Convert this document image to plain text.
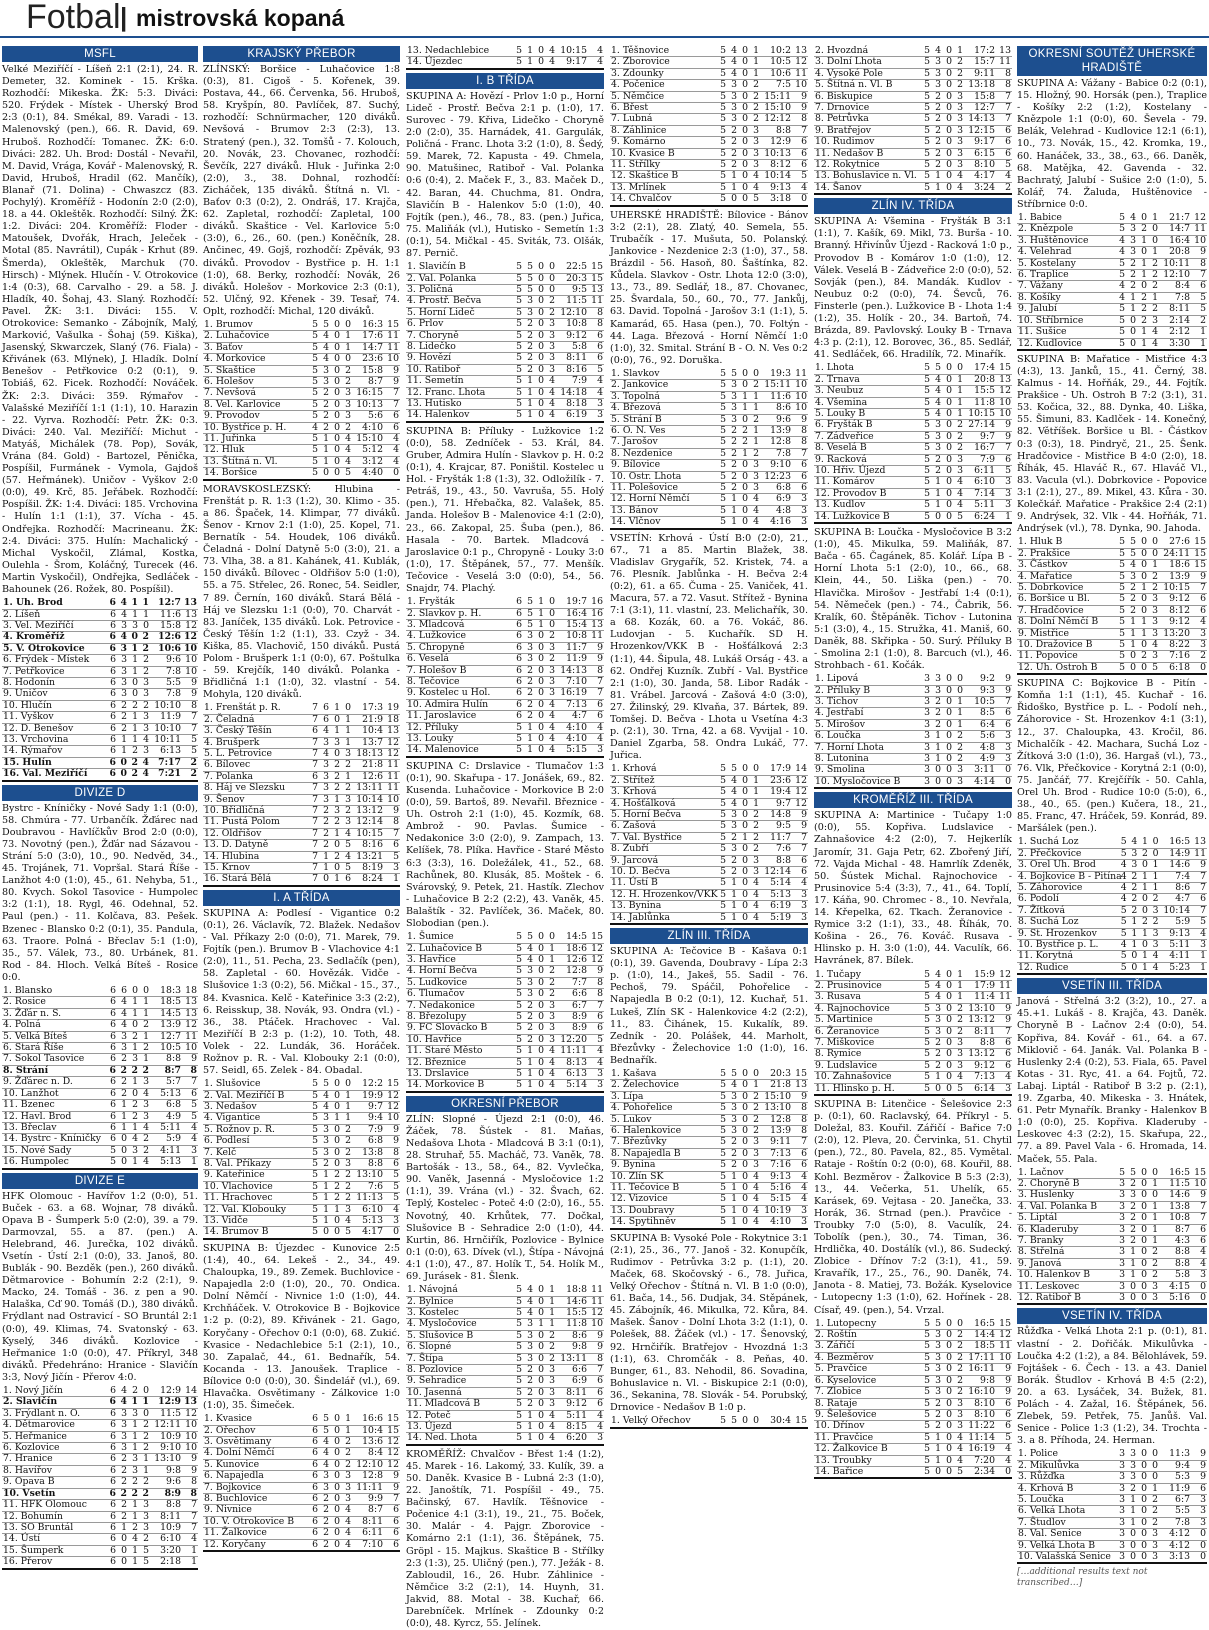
Fotbal | mistrovská kopaná
MSFL

Velké Meziříčí - Líšeň 2:1 (2:1), 24. R. Demeter, 32. Kominek - 15. Krška. Rozhodčí: Mikeska. ŽK: 5:3. Diváci: 520. Frýdek - Místek - Uherský Brod 2:3 (0:1), 84. Smékal, 89. Varadi - 13. Malenovský (pen.), 66. R. David, 69. Hruboš. Rozhodčí: Tomanec. ŽK: 6:0. Diváci: 282. Uh. Brod: Dostál - Nevařil, M. David, Vrága, Kovář - Malenovský, R. David, Hruboš, Hradil (62. Mančík), Blanař (71. Dolina) - Chwaszcz (83. Pochylý). Kroměříž - Hodonín 2:0 (2:0), 18. a 44. Okleštěk. Rozhodčí: Silný. ŽK: 1:2. Diváci: 204. Kroměříž: Floder - Matoušek, Dvořák, Hrach, Jeleček - Motal (85. Navrátil), Cupák - Krhut (89. Šmerda), Okleštěk, Marchuk (70. Hirsch) - Mlýnek. Hlučín - V. Otrokovice 1:4 (0:3), 68. Carvalho - 29. a 58. J. Hladík, 40. Šohaj, 43. Slaný. Rozhodčí: Pavel. ŽK: 3:1. Diváci: 155. V. Otrokovice: Semanko - Zábojník, Malý, Marković, Vašulka - Šohaj (59. Kiška), Jasenský, Skwarczek, Slaný (76. Fiala) - Křivánek (63. Mlýnek), J. Hladík. Dolní Benešov - Petřkovice 0:2 (0:1), 9. Tobiáš, 62. Ficek. Rozhodčí: Nováček. ŽK: 2:3. Diváci: 359. Rýmařov - Valašské Meziříčí 1:1 (1:1), 10. Harazin - 22. Vyrva. Rozhodčí: Petr. ŽK: 0:3. Diváci: 240. Val. Meziříčí: Michut - Matyáš, Michálek (78. Pop), Sovák, Vrána (84. Gold) - Bartozel, Pěnička, Pospíšil, Furmánek - Vymola, Gajdoš (57. Heřmánek). Uničov - Vyškov 2:0 (0:0), 49. Krč, 85. Jeřábek. Rozhodčí: Pospíšil. ŽK: 1:4. Diváci: 185. Vrchovina - Hulín 1:1 (1:1), 37. Vícha - 45. Ondřejka. Rozhodčí: Macrineanu. ŽK: 2:4. Diváci: 375. Hulín: Machalický - Michal Vyskočil, Zlámal, Kostka, Oulehla - Šrom, Koláčný, Turecek (46. Martin Vyskočil), Ondřejka, Sedláček - Bahounek (26. Rožek, 80. Pospíšil).

1. Uh. Brod	6	4	1	1	12:7	13
2. Líšeň	6	4	1	1	11:6	13
3. Vel. Meziříčí	6	3	3	0	15:8	12
4. Kroměříž	6	4	0	2	12:6	12
5. V. Otrokovice	6	3	1	2	10:6	10
6. Frýdek - Místek	6	3	1	2	9:6	10
7. Petřkovice	6	3	1	2	7:8	10
8. Hodonín	6	3	0	3	5:5	9
9. Uničov	6	3	0	3	7:8	9
10. Hlučín	6	2	2	2	10:10	8
11. Vyškov	6	2	1	3	11:9	7
12. D. Benešov	6	2	1	3	10:10	7
13. Vrchovina	6	1	1	4	10:11	5
14. Rýmařov	6	1	2	3	6:13	5
15. Hulín	6	0	2	4	7:17	2
16. Val. Meziříčí	6	0	2	4	7:21	2
DIVIZE D

Bystrc - Kníničky - Nové Sady 1:1 (0:0), 58. Chmúra - 77. Urbančík. Žďárec nad Doubravou - Havlíčkův Brod 2:0 (0:0), 73. Novotný (pen.), Žďár nad Sázavou - Strání 5:0 (3:0), 10., 90. Nedvěd, 34., 45. Trojánek, 71. Vopršal. Stará Říše - Lanžhot 4:0 (1:0), 45., 61. Nehyba, 51., 80. Kvych. Sokol Tasovice - Humpolec 3:2 (1:1), 18. Rygl, 46. Odehnal, 52. Paul (pen.) - 11. Kolčava, 83. Pešek. Bzenec - Blansko 0:2 (0:1), 35. Pandula, 63. Traore. Polná - Břeclav 5:1 (1:0), 35., 57. Válek, 73., 80. Urbánek, 81. Rod - 84. Hloch. Velká Bíteš - Rosice 0:0.

1. Blansko	6	6	0	0	18:3	18
2. Rosice	6	4	1	1	18:5	13
3. Žďár n. S.	6	4	1	1	14:5	13
4. Polná	6	4	0	2	13:9	12
5. Velká Bíteš	6	3	2	1	12:7	11
6. Stará Říše	6	3	1	2	10:5	10
7. Sokol Tasovice	6	2	3	1	8:8	9
8. Strání	6	2	2	2	8:7	8
9. Žďárec n. D.	6	2	1	3	5:7	7
10. Lanžhot	6	2	0	4	5:13	6
11. Bzenec	6	1	2	3	6:8	5
12. Havl. Brod	6	1	2	3	4:9	5
13. Břeclav	6	1	1	4	5:11	4
14. Bystrc - Kníničky	6	0	4	2	5:9	4
15. Nové Sady	5	0	3	2	4:11	3
16. Humpolec	5	0	1	4	5:13	1
DIVIZE E

HFK Olomouc - Havířov 1:2 (0:0), 51. Buček - 63. a 68. Wojnar, 78 diváků. Opava B - Šumperk 5:0 (2:0), 39. a 79. Darmovzal, 55. a 87. (pen.) A. Helebrand, 46. Jurečka, 102 diváků. Vsetín - Ústí 2:1 (0:0), 33. Janoš, 80. Bublák - 90. Bezděk (pen.), 260 diváků. Dětmarovice - Bohumín 2:2 (2:1), 9. Macko, 24. Tomáš - 36. z pen a 90. Halaška, Cď 90. Tomáš (D.), 380 diváků. Frýdlant nad Ostravicí - SO Bruntál 2:1 (0:0), 49. Klimas, 74. Svatonský - 63. Kyselý, 346 diváků. Kozlovice - Heřmanice 1:0 (0:0), 47. Příkryl, 348 diváků. Předehráno: Hranice - Slavičín 3:3, Nový Jičín - Přerov 4:0.

1. Nový Jičín	6	4	2	0	12:9	14
2. Slavičín	6	4	1	1	12:9	13
3. Frýdlant n. O.	6	3	3	0	11:5	12
4. Dětmarovice	6	3	1	2	12:11	10
5. Heřmanice	6	3	1	2	10:9	10
6. Kozlovice	6	3	1	2	9:10	10
7. Hranice	6	2	3	1	13:10	9
8. Havířov	6	2	3	1	9:8	9
9. Opava B	6	2	2	2	9:6	8
10. Vsetín	6	2	2	2	8:9	8
11. HFK Olomouc	6	2	1	3	8:8	7
12. Bohumín	6	2	1	3	8:11	7
13. SO Bruntál	6	1	2	3	10:9	7
14. Ústí	6	0	4	2	6:10	4
15. Šumperk	6	0	1	5	3:20	1
16. Přerov	6	0	1	5	2:18	1
KRAJSKÝ PŘEBOR

ZLÍNSKÝ: Boršice - Luhačovice 1:8 (0:3), 81. Cigoš - 5. Kořenek, 39. Postava, 44., 66. Červenka, 56. Hruboš, 58. Kryšpín, 80. Pavlíček, 87. Suchý, rozhodčí: Schnürmacher, 120 diváků. Nevšová - Brumov 2:3 (2:3), 13. Stratený (pen.), 32. Tomšů - 7. Kolouch, 20. Novák, 23. Chovanec, rozhodčí: Ševčík, 227 diváků. Hluk - Juřinka 2:0 (2:0), 3., 38. Dohnal, rozhodčí: Zicháček, 135 diváků. Štítná n. Vl. - Baťov 0:3 (0:2), 2. Ondráš, 17. Krajča, 62. Zapletal, rozhodčí: Zapletal, 100 diváků. Skaštice - Vel. Karlovice 5:0 (3:0), 6., 26., 60. (pen.) Koněčník, 28. Ančinec, 49. Gojš, rozhodčí: Zpěvák, 93 diváků. Provodov - Bystřice p. H. 1:1 (1:0), 68. Berky, rozhodčí: Novák, 26 diváků. Holešov - Morkovice 2:3 (0:1), 52. Ulčný, 92. Křenek - 39. Tesař, 74. Oplt, rozhodčí: Michal, 120 diváků.

1. Brumov	5	5	0	0	16:3	15
2. Luhačovice	5	4	0	1	17:6	11
3. Baťov	5	4	0	1	14:7	11
4. Morkovice	5	4	0	0	23:6	10
5. Skaštice	5	3	0	2	15:8	9
6. Holešov	5	3	0	2	8:7	9
7. Nevšová	5	2	0	3	16:15	7
8. Vel. Karlovice	5	2	0	3	10:13	7
9. Provodov	5	2	0	3	5:6	6
10. Bystřice p. H.	4	2	0	2	4:10	6
11. Juřinka	5	1	0	4	15:10	4
12. Hluk	5	1	0	4	5:12	4
13. Štítná n. Vl.	5	1	0	4	3:12	4
14. Boršice	5	0	0	5	4:40	0

MORAVSKOSLEZSKÝ: Hlubina - Frenštát p. R. 1:3 (1:2), 30. Klimo - 35. a 86. Špaček, 14. Klimpar, 77 diváků. Šenov - Krnov 2:1 (1:0), 25. Kopel, 71. Bernatík - 54. Houdek, 106 diváků. Čeladná - Dolní Datyně 5:0 (3:0), 21. a 73. Vlha, 38. a 81. Kahánek, 41. Kublák, 150 diváků. Bílovec - Oldřišov 5:0 (1:0), 55. a 75. Střelec, 26. Ronec, 54. Seidler, 7 89. Černín, 160 diváků. Stará Bělá - Háj ve Slezsku 1:1 (0:0), 70. Charvát - 83. Janíček, 135 diváků. Lok. Petrovice - Český Těšín 1:2 (1:1), 33. Czyž - 34. Kiška, 85. Vlachovič, 150 diváků. Pustá Polom - Brušperk 1:1 (0:0), 67. Poštulka - 59. Krejčík, 140 diváků. Polanka - Břidličná 1:1 (1:0), 32. vlastní - 54. Mohyla, 120 diváků.

1. Frenštát p. R.	7	6	1	0	17:3	19
2. Čeladná	7	6	0	1	21:9	18
3. Český Těšín	6	4	1	1	10:4	13
4. Brušperk	7	3	3	1	13:7	12
5. L. Petrovice	7	4	0	3	18:13	12
6. Bílovec	7	3	2	2	21:8	11
7. Polanka	6	3	2	1	12:6	11
8. Háj ve Slezsku	7	3	2	2	13:11	11
9. Šenov	7	3	1	3	10:14	10
10. Břidličná	7	2	3	2	13:12	9
11. Pustá Polom	7	2	2	3	12:14	8
12. Oldřišov	7	2	1	4	10:15	7
13. D. Datyně	7	2	0	5	8:16	6
14. Hlubina	7	1	2	4	13:21	5
15. Krnov	7	1	0	5	8:19	3
16. Stará Bělá	7	0	1	6	8:24	1
I. A TŘÍDA

SKUPINA A: Podlesí - Vigantice 0:2 (0:1), 26. Václavík, 72. Blažek. Nedašov - Val. Příkazy 2:0 (0:0), 71. Marek, 79. Fojtík (pen.). Brumov B - Vlachovice 4:1 (2:0), 11., 51. Pecha, 23. Sedlačík (pen), 58. Zapletal - 60. Hovězák. Vidče - Slušovice 1:3 (0:2), 56. Mičkal - 15., 37., 84. Kvasnica. Kelč - Kateřinice 3:3 (2:2), 6. Reisskup, 38. Novák, 93. Ondra (vl.) - 36., 38. Ptáček. Hrachovec - Val. Meziříčí B 2:3 p. (1:2), 10. Toth, 48. Volek - 22. Lundák, 36. Horáček. Rožnov p. R. - Val. Klobouky 2:1 (0:0), 57. Seidl, 65. Zelek - 84. Obadal.

1. Slušovice	5	5	0	0	12:2	15
2. Val. Meziříčí B	5	4	0	1	19:9	12
3. Nedašov	5	4	0	1	9:7	12
4. Vigantice	5	3	1	1	9:4	10
5. Rožnov p. R.	5	3	0	2	7:9	9
6. Podlesí	5	3	0	2	6:8	9
7. Kelč	5	3	0	2	13:8	8
8. Val. Příkazy	5	2	0	3	8:8	6
9. Kateřinice	5	1	2	2	13:10	5
10. Vlachovice	5	1	2	2	7:6	5
11. Hrachovec	5	1	2	2	11:13	5
12. Val. Klobouky	5	1	1	3	6:10	4
13. Vidče	5	1	0	4	5:13	3
14. Brumov B	5	0	0	5	4:17	0

SKUPINA B: Újezdec - Kunovice 2:5 (1:4), 40., 64. Lekeš - 2., 34., 49. Chaloupka, 19., 89. Zemek. Buchlovice - Napajedla 2:0 (1:0), 20., 70. Ondica. Dolní Němčí - Nivnice 1:0 (1:0), 44. Krchňáček. V. Otrokovice B - Bojkovice 1:2 p. (0:2), 89. Křivánek - 21. Gago, Koryčany - Ořechov 0:1 (0:0), 68. Zukić. Kvasice - Nedachlebice 5:1 (2:1), 10., 30. Zapalač, 44., 61. Bednařík, 54. Kocanda - 13. Janoušek. Traplice - Bílovice 0:0 (0:0), 30. Šindelář (vl.), 69. Hlavačka. Osvětimany - Zálkovice 1:0 (1:0), 35. Šimeček.

1. Kvasice	6	5	0	1	16:6	15
2. Ořechov	6	5	0	1	10:4	15
3. Osvětimany	6	4	0	2	13:6	12
4. Dolní Němčí	6	4	0	2	8:4	12
5. Kunovice	6	4	0	2	12:10	12
6. Napajedla	6	3	0	3	12:8	9
7. Bojkovice	6	3	0	3	11:11	9
8. Buchlovice	6	2	0	3	9:9	7
9. Nivnice	6	2	0	4	8:7	6
10. V. Otrokovice B	6	2	0	4	8:11	6
11. Žalkovice	6	2	0	4	6:11	6
12. Koryčany	6	2	0	4	7:10	6
13. Nedachlebice	5	1	0	4	10:15	4
14. Újezdec	5	1	0	4	9:17	4
I. B TŘÍDA

SKUPINA A: Hovězí - Prlov 1:0 p., Horní Lideč - Prostř. Bečva 2:1 p. (1:0), 17. Surovec - 79. Křiva, Lidečko - Choryně 2:0 (2:0), 35. Harnádek, 41. Gargulák, Poličná - Franc. Lhota 3:2 (1:0), 8. Šedý, 59. Marek, 72. Kapusta - 49. Chmela, 90. Matušinec, Ratiboř - Val. Polanka 0:6 (0:4), 2. Maček F., 3., 83. Maček D., 42. Baran, 44. Chuchma, 81. Ondra, Slavičín B - Halenkov 5:0 (1:0), 40. Fojtík (pen.), 46., 78., 83. (pen.) Juřica, 75. Maliňák (vl.), Hutisko - Semetín 1:3 (0:1), 54. Mičkal - 45. Sviták, 73. Olšák, 87. Pernič.

1. Slavičín B	5	5	0	0	22:5	15
2. Val. Polanka	5	5	0	0	20:3	15
3. Poličná	5	5	0	0	9:5	13
4. Prostř. Bečva	5	3	0	2	11:5	11
5. Horní Lideč	5	3	0	2	12:10	8
6. Prlov	5	2	0	3	10:8	8
7. Choryně	5	2	0	3	9:12	6
8. Lidečko	5	2	0	3	5:8	6
9. Hovězí	5	2	0	3	8:11	6
10. Ratiboř	5	2	0	3	8:16	5
11. Semetín	5	1	0	4	7:9	4
12. Franc. Lhota	5	1	0	4	14:18	4
13. Hutisko	5	1	0	4	8:18	3
14. Halenkov	5	1	0	4	6:19	3

SKUPINA B: Příluky - Lužkovice 1:2 (0:0), 58. Zedníček - 53. Král, 84. Gruber, Admira Hulín - Slavkov p. H. 0:2 (0:1), 4. Krajcar, 87. Poništil. Kostelec u Hol. - Fryšták 1:8 (1:3), 32. Odložilík - 7. Petráš, 19., 43., 50. Vavruša, 55. Holý (pen.), 71. Hřebačka, 82. Valašek, 85. Janda. Holešov B - Malenovice 4:1 (2:0), 23., 66. Zakopal, 25. Šuba (pen.), 86. Hasala - 70. Bartek. Mladcová - Jaroslavice 0:1 p., Chropyně - Louky 3:0 (1:0), 17. Štěpánek, 57., 77. Menšík. Tečovice - Veselá 3:0 (0:0), 54., 56. Snajdr, 74. Plachý.

1. Fryšták	6	5	1	0	19:7	16
2. Slavkov p. H.	6	5	1	0	16:4	16
3. Mladcová	6	5	1	0	15:4	13
4. Lužkovice	6	3	0	2	10:8	11
5. Chropyně	6	3	0	3	11:7	9
6. Veselá	6	3	0	2	11:9	9
7. Holešov B	6	2	0	3	14:13	8
8. Tečovice	6	2	0	3	7:10	7
9. Kostelec u Hol.	6	2	0	3	16:19	7
10. Admira Hulín	6	2	0	4	7:13	6
11. Jaroslavice	6	2	0	4	4:7	6
12. Příluky	5	1	0	4	4:10	4
13. Louky	5	1	0	4	4:10	4
14. Malenovice	5	1	0	4	5:15	3

SKUPINA C: Drslavice - Tlumačov 1:3 (0:1), 90. Skařupa - 17. Jonášek, 69., 82. Kusenda. Luhačovice - Morkovice B 2:0 (0:0), 59. Bartoš, 89. Nevařil. Březnice - Uh. Ostroh 2:1 (1:0), 45. Kozmík, 68. Ambrož - 90. Pavlas. Šumice - Nedakonice 3:0 (2:0), 9. Zampach, 13. Kelíšek, 78. Plíka. Havřice - Staré Město 6:3 (3:3), 16. Doležálek, 41., 52., 68. Rachůnek, 80. Klusák, 85. Moštek - 6. Svárovský, 9. Petek, 21. Hastík. Zlechov - Luhačovice B 2:2 (2:2), 43. Vaněk, 45. Balaštík - 32. Pavlíček, 36. Maček, 80. Slobodian (pen.).

1. Šumice	5	5	0	0	14:5	15
2. Luhačovice B	5	4	0	1	18:6	12
3. Havřice	5	4	0	1	12:6	12
4. Horní Bečva	5	3	0	2	12:8	9
5. Ludkovice	5	3	0	2	7:7	8
6. Tlumačov	5	3	0	2	6:6	8
7. Nedakonice	5	2	0	3	6:7	7
8. Březolupy	5	2	0	3	8:9	6
9. FC Slovácko B	5	2	0	3	8:9	6
10. Havřice	5	2	0	3	12:20	5
11. Staré Město	5	1	0	4	11:11	4
12. Březnice	5	1	0	4	8:13	4
13. Drslavice	5	1	0	4	6:13	3
14. Morkovice B	5	1	0	4	5:14	3
OKRESNÍ PŘEBOR

ZLÍN: Slopné - Újezd 2:1 (0:0), 46. Žáček, 78. Šústek - 81. Maňas, Nedašova Lhota - Mladcová B 3:1 (0:1), 28. Struhař, 55. Macháč, 73. Vaněk, 78. Bartošák - 13., 58., 64., 82. Vyvlečka, 90. Vaněk, Jasenná - Mysločovice 1:2 (1:1), 39. Vrána (vl.) - 32. Švach, 62. Teplý, Kostelec - Poteč 4:0 (2:0), 16., 55. Novotný, 40. Krhůtek, 77. Dočkal, Slušovice B - Sehradice 2:0 (1:0), 44. Kurtin, 86. Hrnčiřík, Pozlovice - Bylnice 0:1 (0:0), 63. Dívek (vl.), Štípa - Návojná 4:1 (1:0), 47., 87. Holík T., 54. Holík M., 69. Jurásek - 81. Šlenk.

1. Návojná	5	4	0	1	18:8	11
2. Bylnice	5	4	0	1	14:6	11
3. Kostelec	5	4	0	1	15:5	12
4. Mysločovice	5	3	1	1	11:8	10
5. Slušovice B	5	3	0	2	8:6	9
6. Slopné	5	3	0	2	9:8	9
7. Štípa	5	3	0	2	13:11	8
8. Pozlovice	5	2	0	3	6:6	7
9. Sehradice	5	2	0	3	6:9	6
10. Jasenná	5	2	0	3	8:11	6
11. Mladcová B	5	2	0	3	9:12	6
12. Poteč	5	1	0	4	5:11	4
13. Újezd	5	1	0	4	8:15	4
14. Ned. Lhota	5	1	0	4	6:20	3

KROMĚŘÍŽ: Chvalčov - Břest 1:4 (1:2), 45. Marek - 16. Lakomý, 33. Kulík, 39. a 50. Daněk. Kvasice B - Lubná 2:3 (1:0), 22. Janoštík, 71. Pospíšil - 49., 75. Bačinský, 67. Havlík. Těšnovice - Počenice 4:1 (3:1), 19., 21., 75. Boček, 30. Malár - 4. Pajgr. Zborovice - Komárno 2:1 (1:1), 36. Štěpánek, 75. Gröpl - 15. Majkus. Skaštice B - Střílky 2:3 (1:3), 25. Uličný (pen.), 77. Ježák - 8. Zabloudil, 16., 26. Hubr. Záhlinice - Němčice 3:2 (2:1), 14. Huynh, 31. Jakvid, 88. Motal - 38. Kuchař, 66. Darebníček. Mrlínek - Zdounky 0:2 (0:0), 48. Kyrcz, 55. Jelínek.

1. Těšnovice	5	4	0	1	10:2	13
2. Zborovice	5	4	0	1	10:5	12
3. Zdounky	5	4	0	1	10:6	11
4. Počenice	5	3	0	2	7:5	10
5. Němčice	5	3	0	2	15:11	9
6. Břest	5	3	0	2	15:10	9
7. Lubná	5	3	0	2	12:12	8
8. Záhlinice	5	2	0	3	8:8	7
9. Komárno	5	2	0	3	12:9	6
10. Kvasice B	5	2	0	3	10:13	6
11. Střílky	5	2	0	3	8:12	6
12. Skaštice B	5	1	0	4	10:14	5
13. Mrlínek	5	1	0	4	9:13	4
14. Chvalčov	5	0	0	5	3:18	0

UHERSKÉ HRADIŠTĚ: Bílovice - Bánov 3:2 (2:1), 28. Zlatý, 40. Semela, 55. Trubačík - 17. Mušuta, 50. Polanský. Jankovice - Nezdenice 2:3 (1:0), 37., 58. Brázdil - 56. Hasoň, 80. Šaštínka, 82. Kůdela. Slavkov - Ostr. Lhota 12:0 (3:0), 13., 73., 89. Sedlář, 18., 87. Chovanec, 25. Švardala, 50., 60., 70., 77. Jankůj, 63. David. Topolná - Jarošov 3:1 (1:1), 5. Kamarád, 65. Hasa (pen.), 70. Foltýn - 44. Laga. Březová - Horní Němčí 1:0 (1:0), 32. Smital. Strání B - O. N. Ves 0:2 (0:0), 76., 92. Doruška.

1. Slavkov	5	5	0	0	19:3	11
2. Jankovice	5	3	0	2	15:11	10
3. Topolná	5	3	1	1	11:6	10
4. Březová	5	3	1	1	8:6	10
5. Strání B	5	3	0	2	9:6	9
6. O. N. Ves	5	2	2	1	13:9	8
7. Jarošov	5	2	2	1	12:8	8
8. Nezdenice	5	2	1	2	7:8	7
9. Bílovice	5	2	0	3	9:10	6
10. Ostr. Lhota	5	2	0	3	12:23	6
11. Polešovice	5	2	0	3	6:8	6
12. Horní Němčí	5	1	0	4	6:9	3
13. Bánov	5	1	0	4	4:8	3
14. Vlčnov	5	1	0	4	4:16	3

VSETÍN: Krhová - Ústí B:0 (2:0), 21., 67., 71 a 85. Martin Blažek, 38. Vladislav Grygařík, 52. Kristek, 74. a 76. Plesník. Jablůnka - H. Bečva 2:4 (0:2), 61. a 65. Čuma - 25. Vaniček, 41. Macura, 57. a 72. Vasut. Střítež - Bynina 7:1 (3:1), 11. vlastní, 23. Melichařík, 30. a 68. Kozák, 60. a 76. Vokáč, 86. Ludovjan - 5. Kuchařík. SD H. Hrozenkov/VKK B - Hošťálková 2:3 (1:1), 44. Šipula, 48. Lukáš Orság - 43. a 62. Ondřej Kuzník. Zubří - Val. Bystřice 2:1 (1:0), 30. Janda, 58. Libor Radák - 81. Vrábel. Jarcová - Zašová 4:0 (3:0), 27. Žilinský, 29. Klvaňa, 37. Bártek, 89. Tomšej. D. Bečva - Lhota u Vsetína 4:3 p. (2:1), 30. Trna, 42. a 68. Vyvijal - 10. Daniel Zgarba, 58. Ondra Lukáč, 77. Juřica.

1. Krhová	5	5	0	0	17:9	14
2. Střítež	5	4	0	1	23:6	12
3. Krhová	5	4	0	1	19:4	12
4. Hošťálková	5	4	0	1	9:7	12
5. Horní Bečva	5	3	0	2	14:8	9
6. Zašová	5	3	0	2	9:5	9
7. Val. Bystřice	5	2	1	2	11:7	7
8. Zubří	5	3	0	2	7:6	7
9. Jarcová	5	2	0	3	8:8	6
10. D. Bečva	5	2	0	3	12:14	6
11. Ústí B	5	1	0	4	5:14	4
12. H. Hrozenkov/VKK	5	1	0	4	5:13	3
13. Bynina	5	1	0	4	6:19	3
14. Jablůnka	5	1	0	4	5:19	3
ZLÍN III. TŘÍDA

SKUPINA A: Tečovice B - Kašava 0:1 (0:1), 39. Gavenda, Doubravy - Lípa 2:3 p. (1:0), 14., Jakeš, 55. Sadil - 76. Pechoš, 79. Spáčil, Pohořelice - Napajedla B 0:2 (0:1), 12. Kuchař, 51. Lukeš, Zlín SK - Halenkovice 4:2 (2:2), 11., 83. Čihánek, 15. Kukalík, 89. Zedník - 20. Polášek, 44. Marholt, Březůvky - Želechovice 1:0 (1:0), 16. Bednařík.

1. Kašava	5	5	0	0	20:3	15
2. Želechovice	5	4	0	1	21:8	13
3. Lípa	5	3	0	2	15:10	9
4. Pohořelice	5	3	0	2	13:10	8
5. Lukov	5	3	0	2	12:8	8
6. Halenkovice	5	3	0	2	13:9	8
7. Březůvky	5	2	0	3	9:11	7
8. Napajedla B	5	2	0	3	7:13	6
9. Bynina	5	2	0	3	7:16	6
10. Zlín SK	5	1	0	4	9:13	4
11. Tečovice B	5	1	0	4	5:16	4
12. Vizovice	5	1	0	4	5:15	4
13. Doubravy	5	1	0	4	10:19	3
14. Spytihněv	5	1	0	4	4:10	3

SKUPINA B: Vysoké Pole - Rokytnice 3:1 (2:1), 25., 36., 77. Janoš - 32. Konupčík, Rudimov - Petrůvka 3:2 p. (1:1), 20. Maček, 68. Skočovský - 6., 78. Juřica, Velký Ořechov - Štítná n. Vl. B 1:0 (0:0), 61. Bača, 14., 56. Dudjak, 34. Stěpánek, 45. Zábojník, 46. Mikulka, 72. Kůra, 84. Mašek. Šanov - Dolní Lhota 3:2 (1:1), 0. Polešek, 88. Žáček (vl.) - 17. Šenovský, 92. Hrnčiřík. Bratřejov - Hvozdná 1:3 (1:1), 63. Chromčák - 8. Peňas, 40. Bunger, 61., 83. Nehodil, 86. Sovadina, Bohuslavice n. Vl. - Biskupice 2:1 (0:0), 36., Sekanina, 78. Slovák - 54. Porubský, Drnovice - Nedašov B 1:0 p.

1. Velký Ořechov	5	5	0	0	30:4	15
2. Hvozdná	5	4	0	1	17:2	13
3. Dolní Lhota	5	3	0	2	15:7	11
4. Vysoké Pole	5	3	0	2	9:11	8
5. Štítná n. Vl. B	5	3	0	2	13:18	8
6. Biskupice	5	2	0	3	15:8	7
7. Drnovice	5	2	0	3	12:7	7
8. Petrůvka	5	2	0	3	14:13	7
9. Bratřejov	5	2	0	3	12:15	6
10. Rudimov	5	2	0	3	9:17	6
11. Nedašov B	5	2	0	3	6:15	6
12. Rokytnice	5	2	0	3	8:10	5
13. Bohuslavice n. Vl.	5	1	0	4	4:17	4
14. Šanov	5	1	0	4	3:24	2
ZLÍN IV. TŘÍDA

SKUPINA A: Všemina - Fryšták B 3:1 (1:1), 7. Kašík, 69. Mikl, 73. Burša - 10. Branný. Hřivínův Újezd - Racková 1:0 p., Provodov B - Komárov 1:0 (1:0), 12. Válek. Veselá B - Zádveřice 2:0 (0:0), 52. Sovják (pen.), 84. Mandák. Kudlov - Neubuz 0:2 (0:0), 74. Ševců, 76. Finsterle (pen.). Lužkovice B - Lhota 1:4 (1:2), 35. Holík - 20., 34. Bartoň, 74. Brázda, 89. Pavlovský. Louky B - Trnava 4:3 p. (2:1), 12. Borovec, 36., 85. Sedlář, 41. Sedláček, 66. Hradilík, 72. Minařík.

1. Lhota	5	5	0	0	17:4	15
2. Trnava	5	4	0	1	20:8	13
3. Neubuz	5	4	0	1	15:5	12
4. Všemina	5	4	0	1	11:8	10
5. Louky B	5	4	0	1	10:15	10
6. Fryšták B	5	3	0	2	27:14	9
7. Zádveřice	5	3	0	2	9:7	9
8. Veselá B	5	3	0	2	16:7	7
9. Racková	5	2	0	3	7:9	6
10. Hřiv. Újezd	5	2	0	3	6:11	5
11. Komárov	5	1	0	4	6:10	3
12. Provodov B	5	1	0	4	7:14	3
13. Kudlov	5	1	0	4	5:11	3
14. Lužkovice B	5	0	0	5	6:24	1

SKUPINA B: Loučka - Mysločovice B 3:2 (1:0), 45. Mikulka, 59. Maliňák, 87. Bača - 65. Čagánek, 85. Kolář. Lípa B - Horní Lhota 5:1 (2:0), 10., 66., 68. Klein, 44., 50. Liška (pen.) - 70. Hlavička. Mirošov - Jestřabí 1:4 (0:1), 54. Němeček (pen.) - 74., Čabrik, 56. Kralík, 60. Štěpáněk. Tichov - Lutonina 5:1 (3:0), 4., 15. Stružka, 41. Maniš, 60. Daněk, 88. Skřipka - 50. Surý. Příluky B - Smolina 2:1 (1:0), 8. Barcuch (vl.), 46. Strohbach - 61. Kočák.

1. Lipová	3	3	0	0	9:2	9
2. Příluky B	3	3	0	0	9:3	9
3. Tichov	3	2	0	1	10:5	7
4. Jestřabí	3	2	0	1	8:5	6
5. Mirošov	3	2	0	1	6:4	6
6. Loučka	3	1	0	2	5:6	3
7. Horní Lhota	3	1	0	2	4:8	3
8. Lutonina	3	1	0	2	4:9	3
9. Smolina	3	0	0	3	3:11	0
10. Mysločovice B	3	0	0	3	4:14	0
KROMĚŘÍŽ III. TŘÍDA

SKUPINA A: Martinice - Tučapy 1:0 (0:0), 55. Kopřiva. Ludslavice - Zahnašovice 4:2 (2:0), 7. Hejkerlík Jaromír, 31. Gaja Petr, 62. Zbořený Jiří, 72. Vajda Michal - 48. Hamrlík Zdeněk, 50. Šústek Michal. Rajnochovice - Prusinovice 5:4 (3:3), 7., 41., 64. Toplí, 17. Káňa, 90. Chromec - 8., 10. Nevřala, 14. Křepelka, 62. Tkach. Žeranovice - Rymice 3:2 (1:1), 33., 48. Říhák, 70. Košina - 26., 76. Kováč. Rusava - Hlinsko p. H. 3:0 (1:0), 44. Vaculík, 66. Havránek, 87. Bílek.

1. Tučapy	5	4	0	1	15:9	12
2. Prusinovice	5	4	0	1	17:9	11
3. Rusava	5	4	0	1	11:4	11
4. Rajnochovice	5	3	0	2	13:10	9
5. Martinice	5	3	0	2	13:12	9
6. Žeranovice	5	3	0	2	8:11	7
7. Miškovice	5	2	0	3	8:8	6
8. Rymice	5	2	0	3	13:12	6
9. Ludslavice	5	2	0	3	9:12	6
10. Zahnašovice	5	1	0	4	7:13	4
11. Hlinsko p. H.	5	0	0	5	6:14	3

SKUPINA B: Litenčice - Šelešovice 2:3 p. (0:1), 60. Raclavský, 64. Příkryl - 5. Doležal, 83. Kouřil. Zářičí - Bařice 7:0 (2:0), 12. Pleva, 20. Červinka, 51. Chytil (pen.), 72., 80. Pavela, 82., 85. Vymětal. Rataje - Roštín 0:2 (0:0), 68. Kouřil, 88. Kohl. Bezměrov - Žalkovice B 5:3 (2:3), 13., 44. Večerka, 51. Uhelík, 65. Karásek, 69. Vejtasa - 20. Janečka, 33. Horák, 36. Strnad (pen.). Pravčice - Troubky 7:0 (5:0), 8. Vaculík, 24. Tobolík (pen.), 30., 74. Timan, 36. Hrdlička, 40. Dostálík (vl.), 86. Sudecký. Zlobice - Dřínov 7:2 (3:1), 41., 59. Kravařík, 17., 25., 76., 90. Daněk, 74. Janota - 8. Matiej, 73. Božák. Kyselovice - Lutopecny 1:3 (1:0), 62. Hořínek - 28. Císař, 49. (pen.), 54. Vrzal.

1. Lutopecny	5	5	0	0	16:5	15
2. Roštín	5	3	0	2	14:4	12
3. Zářičí	5	3	0	2	18:5	11
4. Bezměrov	5	3	0	2	17:11	10
5. Pravčice	5	3	0	2	16:11	9
6. Kyselovice	5	3	0	2	9:8	9
7. Zlobice	5	3	0	2	16:10	9
8. Rataje	5	2	0	3	8:10	6
9. Šelešovice	5	2	0	3	8:10	6
10. Dřínov	5	2	0	3	11:22	6
11. Pravčice	5	1	0	4	11:14	5
12. Žalkovice B	5	1	0	4	16:19	4
13. Troubky	5	1	0	4	7:20	4
14. Bařice	5	0	0	5	2:34	0
OKRESNÍ SOUTĚŽ UHERSKÉ HRADIŠTĚ

SKUPINA A: Vážany - Babice 0:2 (0:1), 15. Hložný, 90. Horsák (pen.), Traplice - Košíky 2:2 (1:2), Kostelany - Knězpole 1:1 (0:0), 60. Ševela - 79. Belák, Velehrad - Kudlovice 12:1 (6:1), 10., 73. Novák, 15., 42. Kromka, 19., 60. Hanáček, 33., 38., 63., 66. Daněk, 68. Matějka, 42. Gavenda - 32. Bachratý, Jalubí - Sušice 2:0 (1:0), 5. Kolář, 74. Žaluda, Huštěnovice - Stříbrnice 0:0.

1. Babice	5	4	0	1	21:7	12
2. Knězpole	5	3	2	0	14:7	11
3. Huštěnovice	4	3	1	0	16:4	10
4. Velehrad	4	3	0	1	20:8	9
5. Kostelany	5	2	1	2	10:11	8
6. Traplice	5	2	1	2	12:10	7
7. Vážany	4	2	0	2	8:4	6
8. Košíky	4	1	2	1	7:8	5
9. Jalubí	5	1	2	2	8:11	5
10. Stříbrnice	5	0	2	3	2:14	2
11. Sušice	5	0	1	4	2:12	1
12. Kudlovice	5	0	1	4	3:30	1

SKUPINA B: Mařatice - Mistřice 4:3 (4:3), 13. Janků, 15., 41. Černý, 38. Kalmus - 14. Hořňák, 29., 44. Fojtík. Prakšice - Uh. Ostroh B 7:2 (3:1), 31. 53. Kočica, 32., 88. Dynka, 40. Liška, 55. Šimuni, 83. Kadlček - 14. Konečný, 82. Větříšek. Boršice u Bl. - Částkov 0:3 (0:3), 18. Pindryč, 21., 25. Šenk. Hradčovice - Mistřice B 4:0 (2:0), 18. Říhák, 45. Hlaváč R., 67. Hlaváč Vl., 83. Vacula (vl.). Dobrkovice - Popovice 3:1 (2:1), 27., 89. Mikel, 43. Kůra - 30. Kolečkář. Mařatice - Prakšice 2:4 (2:1) 9. Andrýsek, 32. Vlk - 44. Hořňák, 71. Andrýsek (vl.), 78. Dynka, 90. Jahoda.

1. Hluk B	5	5	0	0	27:6	15
2. Prakšice	5	5	0	0	24:11	15
3. Částkov	5	4	0	1	18:6	15
4. Mařatice	5	3	0	2	13:9	9
5. Dobrkovice	5	2	1	2	10:15	7
6. Boršice u Bl.	5	2	0	3	9:12	6
7. Hradčovice	5	2	0	3	8:12	6
8. Dolní Němčí B	5	1	1	3	9:12	4
9. Mistřice	5	1	1	3	13:20	3
10. Dražovice B	5	1	0	4	8:22	3
11. Popovice	5	0	2	3	7:16	2
12. Uh. Ostroh B	5	0	0	5	6:18	0

SKUPINA C: Bojkovice B - Pitín - Komňa 1:1 (1:1), 45. Kuchař - 16. Řidoško, Bystřice p. L. - Podolí neh., Záhorovice - St. Hrozenkov 4:1 (3:1), 12., 37. Chaloupka, 43. Kročil, 86. Michalčík - 42. Machara, Suchá Loz - Žítková 3:0 (1:0), 36. Hargaš (vl.), 73., 76. Vlk, Přečkovice - Korytná 2:1 (0:0), 75. Jančář, 77. Krejčířík - 50. Cahla, Orel Uh. Brod - Rudice 10:0 (5:0), 6., 38., 40., 65. (pen.) Kučera, 18., 21., 85. Franc, 47. Hráček, 59. Konrád, 89. Maršálek (pen.).

1. Suchá Loz	5	4	1	0	16:5	13
2. Přečkovice	5	3	2	0	14:9	11
3. Orel Uh. Brod	4	3	0	1	14:6	9
4. Bojkovice B - Pitína	4	2	1	1	7:4	7
5. Záhorovice	4	2	1	1	8:6	7
6. Podolí	4	2	0	2	4:7	6
7. Žítková	5	2	0	3	10:14	7
8. Suchá Loz	5	1	2	2	5:9	5
9. St. Hrozenkov	5	1	1	3	9:13	4
10. Bystřice p. L.	4	1	0	3	5:11	3
11. Korytná	5	0	1	4	4:11	1
12. Rudice	5	0	1	4	5:23	1
VSETÍN III. TŘÍDA

Janová - Střelná 3:2 (3:2), 10., 27. a 45.+1. Lukáš - 8. Krajča, 43. Daněk. Choryně B - Lačnov 2:4 (0:0), 54. Kopřiva, 84. Kovář - 61., 64. a 67. Miklovič - 64. Janák. Val. Polanka B - Huslenky 2:4 (0:2), 53. Fiala, 65. Pavel Kotas - 31. Ryc, 41. a 64. Fojtů, 72. Labaj. Liptál - Ratiboř B 3:2 p. (2:1), 19. Zgarba, 40. Mikeska - 3. Hnátek, 61. Petr Mynařík. Branky - Halenkov B 1:0 (0:0), 25. Kopřiva. Kladeruby - Leskovec 4:3 (2:2), 15. Skařupa, 22., 77. a 89. Pavel Vala - 6. Hromada, 14. Maček, 55. Pala.

1. Lačnov	5	5	0	0	16:5	15
2. Choryně B	3	2	0	1	11:5	10
3. Huslenky	3	3	0	0	14:6	9
4. Val. Polanka B	3	2	0	1	13:8	7
5. Liptál	3	2	0	1	10:8	7
6. Kladeruby	3	2	0	1	8:7	6
7. Branky	3	2	0	1	4:3	6
8. Střelná	3	1	0	2	8:8	4
9. Janová	3	1	0	2	8:8	4
10. Halenkov B	3	1	0	2	5:8	3
11. Leskovec	3	0	0	3	4:15	0
12. Ratiboř B	3	0	0	3	5:16	0
VSETÍN IV. TŘÍDA

Růžďka - Velká Lhota 2:1 p. (0:1), 81. vlastní - 2. Dořičák. Mikulůvka - Loučka 4:2 (1:2), a 84. Bělohlávek, 59. Fojtášek - 6. Čech - 13. a 43. Daniel Borák. Študlov - Krhová B 4:5 (2:2), 20. a 63. Lysáček, 34. Bužek, 81. Polách - 4. Zažal, 16. Štěpánek, 56. Zlebek, 59. Petřek, 75. Janůš. Val. Senice - Police 1:3 (1:2), 34. Trochta - 3. a 8. Příhoda, 24. Herman.

1. Police	3	3	0	0	11:3	9
2. Mikulůvka	3	3	0	0	9:4	9
3. Růžďka	3	3	0	0	5:3	9
4. Krhová B	3	2	0	1	11:9	6
5. Loučka	3	1	0	2	6:7	3
6. Velká Lhota	3	1	0	2	5:5	3
7. Študlov	3	1	0	2	7:8	3
8. Val. Senice	3	0	0	3	4:12	0
9. Velká Lhota B	3	0	0	3	4:12	0
10. Valašská Senice	3	0	0	3	3:13	0

[…additional results text not transcribed…]
